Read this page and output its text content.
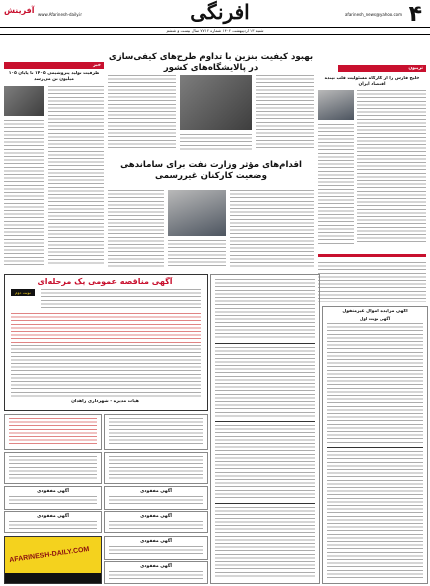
۴
afarinesh_news@yahoo.com
افرنگی
www.Afarinesh-daily.ir
آفرینش
شنبه ۱۳ اردیبهشت ۱۴۰۲ شماره ۷۷۱۲ سال بیست و ششم
تریبون
خلیج فارس را از کارگاه مسئولیت قلب تپنده اقتصاد ایران
بهبود کیفیت بنزین با تداوم طرح‌های کیفی‌سازی در پالایشگاه‌های کشور
اقدام‌های مؤثر وزارت نفت برای ساماندهی وضعیت کارکنان غیررسمی
خبر
ظرفیت تولید پتروشیمی ۱۴۰۵ تا پایان ۱۰۵ میلیون تن می‌رسد
آگهی مناقصه عمومی یک مرحله‌ای
نوبت دوم
هیأت مدیره - شهرداری زاهدان
آگهی مفقودی	آگهی مفقودی
آگهی مفقودی	آگهی مفقودی
AFARINESH-DAILY.COM
آگهی مفقودی
آگهی مفقودی
آگهی مزایده اموال غیرمنقول
آگهی نوبت اول
